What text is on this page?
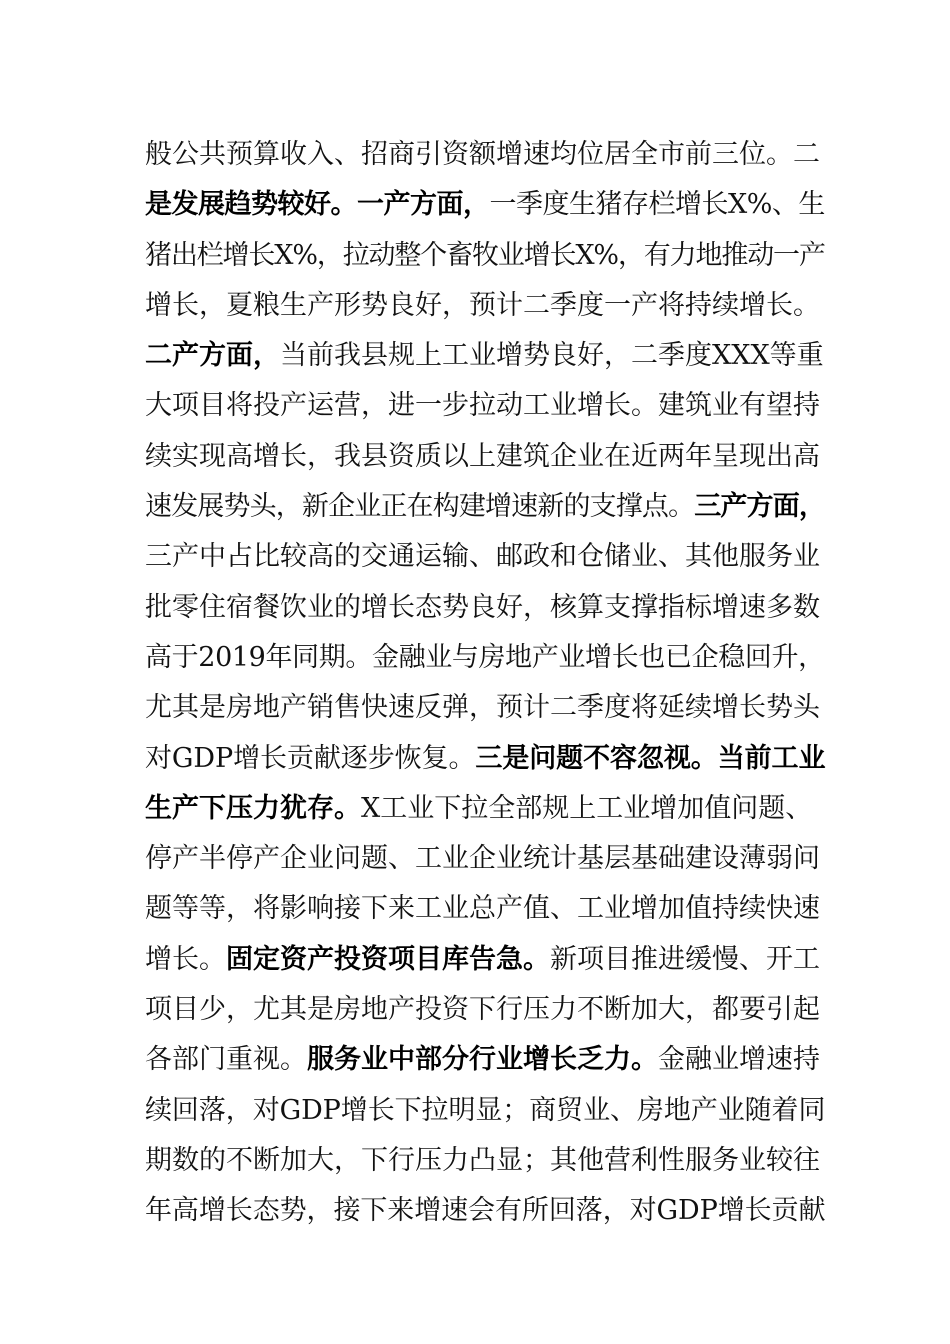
般公共预算收入、招商引资额增速均位居全市前三位。二
是发展趋势较好。一产方面，一季度生猪存栏增长X%、生
猪出栏增长X%，拉动整个畜牧业增长X%，有力地推动一产
增长，夏粮生产形势良好，预计二季度一产将持续增长。
二产方面，当前我县规上工业增势良好，二季度XXX等重
大项目将投产运营，进一步拉动工业增长。建筑业有望持
续实现高增长，我县资质以上建筑企业在近两年呈现出高
速发展势头，新企业正在构建增速新的支撑点。三产方面，
三产中占比较高的交通运输、邮政和仓储业、其他服务业
批零住宿餐饮业的增长态势良好，核算支撑指标增速多数
高于2019年同期。金融业与房地产业增长也已企稳回升，
尤其是房地产销售快速反弹，预计二季度将延续增长势头
对GDP增长贡献逐步恢复。三是问题不容忽视。当前工业
生产下压力犹存。X工业下拉全部规上工业增加值问题、
停产半停产企业问题、工业企业统计基层基础建设薄弱问
题等等，将影响接下来工业总产值、工业增加值持续快速
增长。固定资产投资项目库告急。新项目推进缓慢、开工
项目少，尤其是房地产投资下行压力不断加大，都要引起
各部门重视。服务业中部分行业增长乏力。金融业增速持
续回落，对GDP增长下拉明显；商贸业、房地产业随着同
期数的不断加大，下行压力凸显；其他营利性服务业较往
年高增长态势，接下来增速会有所回落，对GDP增长贡献
